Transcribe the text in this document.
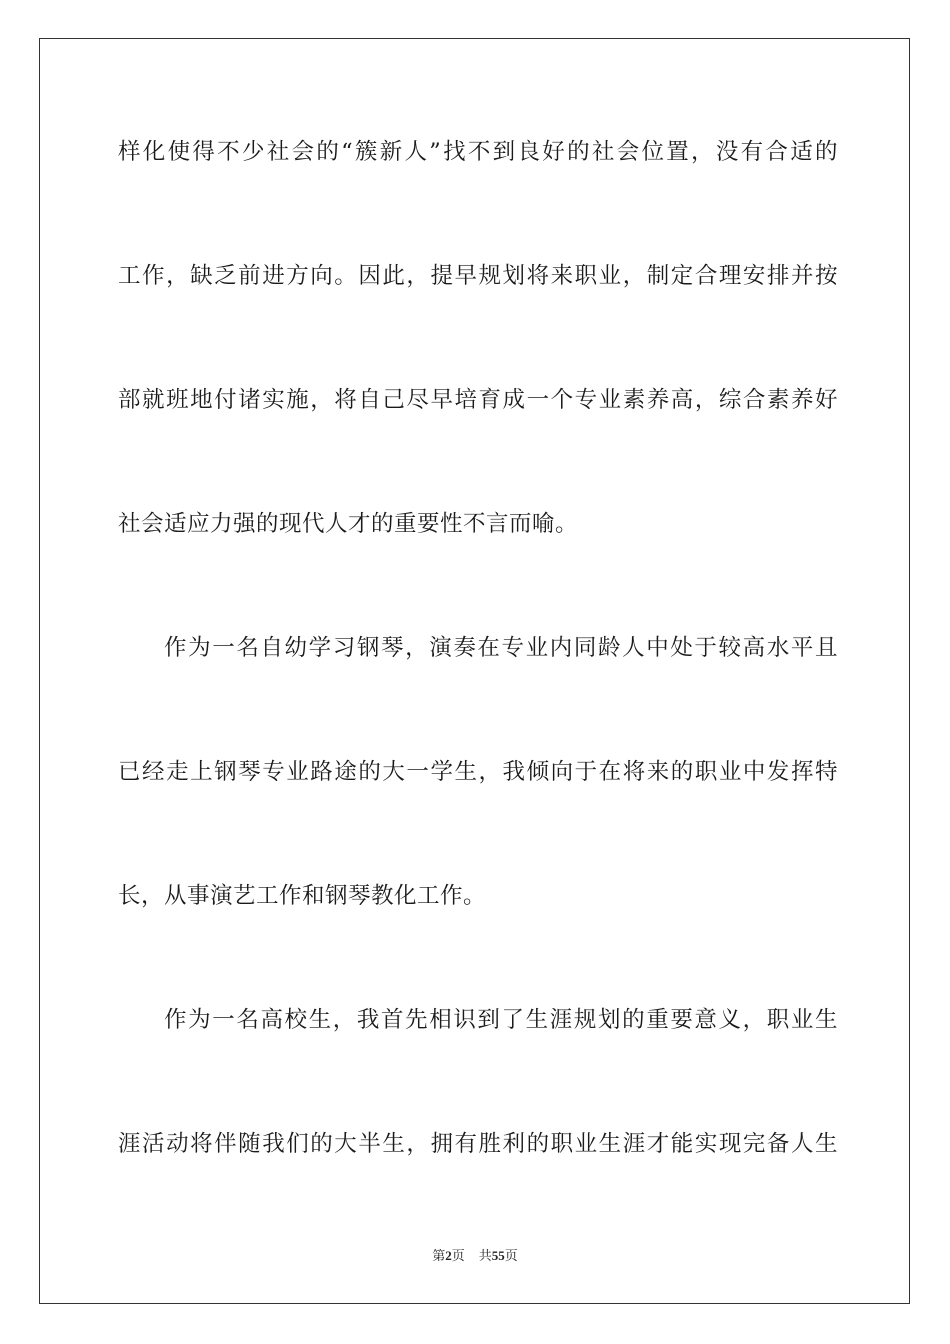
样化使得不少社会的“簇新人”找不到良好的社会位置，没有合适的
工作，缺乏前进方向。因此，提早规划将来职业，制定合理安排并按
部就班地付诸实施，将自己尽早培育成一个专业素养高，综合素养好
社会适应力强的现代人才的重要性不言而喻。
作为一名自幼学习钢琴，演奏在专业内同龄人中处于较高水平且
已经走上钢琴专业路途的大一学生，我倾向于在将来的职业中发挥特
长，从事演艺工作和钢琴教化工作。
作为一名高校生，我首先相识到了生涯规划的重要意义，职业生
涯活动将伴随我们的大半生，拥有胜利的职业生涯才能实现完备人生
第2页 共55页
